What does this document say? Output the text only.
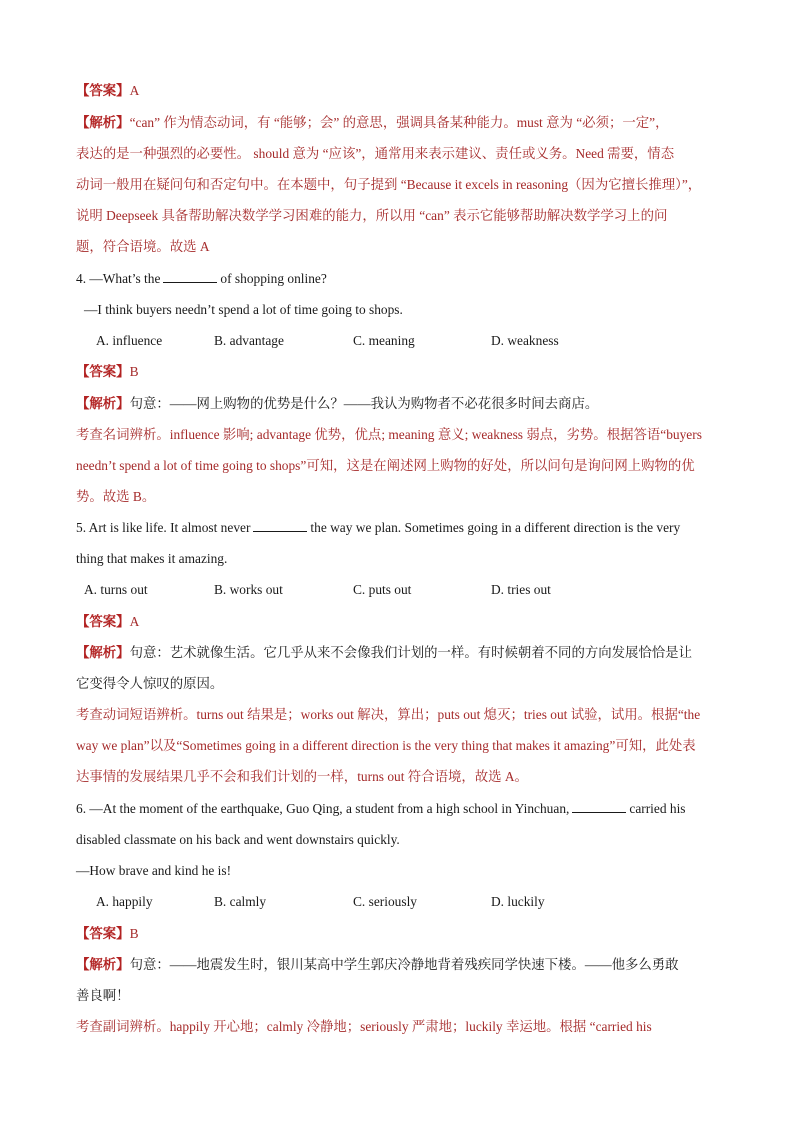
【答案】A
【解析】“can” 作为情态动词，有 “能够；会” 的意思，强调具备某种能力。must 意为 “必须；一定”，
表达的是一种强烈的必要性。 should 意为 “应该”，通常用来表示建议、责任或义务。Need 需要，情态
动词一般用在疑问句和否定句中。在本题中，句子提到 “Because it excels in reasoning（因为它擅长推理）”，
说明 Deepseek 具备帮助解决数学学习困难的能力，所以用 “can” 表示它能够帮助解决数学学习上的问
题，符合语境。故选 A
4. —What’s the	of shopping online?
—I think buyers needn’t spend a lot of time going to shops.
A. influence	B. advantage	C. meaning	D. weakness
【答案】B
【解析】句意：——网上购物的优势是什么？——我认为购物者不必花很多时间去商店。
考查名词辨析。influence 影响; advantage 优势，优点; meaning 意义; weakness 弱点，劣势。根据答语“buyers
needn’t spend a lot of time going to shops”可知，这是在阐述网上购物的好处，所以问句是询问网上购物的优
势。故选 B。
5. Art is like life. It almost never	the way we plan. Sometimes going in a different direction is the very
thing that makes it amazing.
A. turns out	B. works out	C. puts out	D. tries out
【答案】A
【解析】句意：艺术就像生活。它几乎从来不会像我们计划的一样。有时候朝着不同的方向发展恰恰是让
它变得令人惊叹的原因。
考查动词短语辨析。turns out 结果是；works out 解决，算出；puts out 熄灭；tries out 试验，试用。根据“the
way we plan”以及“Sometimes going in a different direction is the very thing that makes it amazing”可知，此处表
达事情的发展结果几乎不会和我们计划的一样，turns out 符合语境，故选 A。
6. —At the moment of the earthquake, Guo Qing, a student from a high school in Yinchuan,	carried his
disabled classmate on his back and went downstairs quickly.
—How brave and kind he is!
A. happily	B. calmly	C. seriously	D. luckily
【答案】B
【解析】句意：——地震发生时，银川某高中学生郭庆冷静地背着残疾同学快速下楼。——他多么勇敢
善良啊！
考查副词辨析。happily 开心地；calmly 冷静地；seriously 严肃地；luckily 幸运地。根据 “carried his
